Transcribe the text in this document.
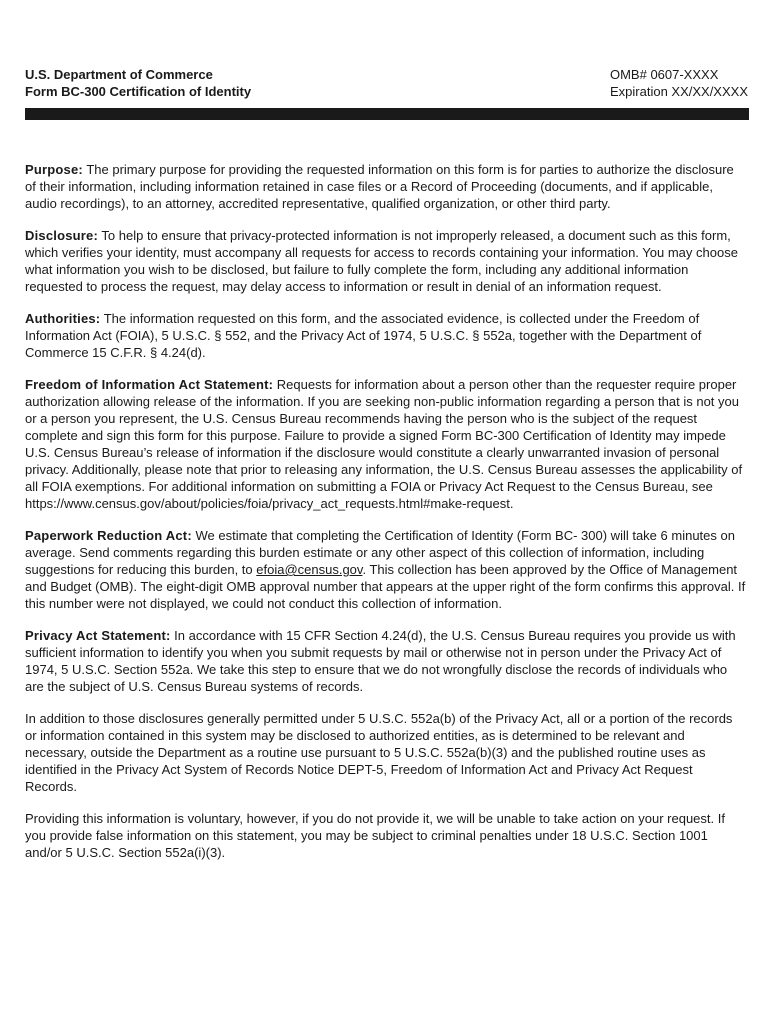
U.S. Department of Commerce
Form BC-300 Certification of Identity
OMB# 0607-XXXX
Expiration XX/XX/XXXX

Purpose: The primary purpose for providing the requested information on this form is for parties to authorize the disclosure of their information, including information retained in case files or a Record of Proceeding (documents, and if applicable, audio recordings), to an attorney, accredited representative, qualified organization, or other third party.

Disclosure: To help to ensure that privacy-protected information is not improperly released, a document such as this form, which verifies your identity, must accompany all requests for access to records containing your information. You may choose what information you wish to be disclosed, but failure to fully complete the form, including any additional information requested to process the request, may delay access to information or result in denial of an information request.

Authorities: The information requested on this form, and the associated evidence, is collected under the Freedom of Information Act (FOIA), 5 U.S.C. § 552, and the Privacy Act of 1974, 5 U.S.C. § 552a, together with the Department of Commerce 15 C.F.R. § 4.24(d).

Freedom of Information Act Statement: Requests for information about a person other than the requester require proper authorization allowing release of the information. If you are seeking non-public information regarding a person that is not you or a person you represent, the U.S. Census Bureau recommends having the person who is the subject of the request complete and sign this form for this purpose. Failure to provide a signed Form BC-300 Certification of Identity may impede U.S. Census Bureau’s release of information if the disclosure would constitute a clearly unwarranted invasion of personal privacy. Additionally, please note that prior to releasing any information, the U.S. Census Bureau assesses the applicability of all FOIA exemptions. For additional information on submitting a FOIA or Privacy Act Request to the Census Bureau, see https://www.census.gov/about/policies/foia/privacy_act_requests.html#make-request.

Paperwork Reduction Act: We estimate that completing the Certification of Identity (Form BC- 300) will take 6 minutes on average. Send comments regarding this burden estimate or any other aspect of this collection of information, including suggestions for reducing this burden, to efoia@census.gov. This collection has been approved by the Office of Management and Budget (OMB). The eight-digit OMB approval number that appears at the upper right of the form confirms this approval. If this number were not displayed, we could not conduct this collection of information.

Privacy Act Statement: In accordance with 15 CFR Section 4.24(d), the U.S. Census Bureau requires you provide us with sufficient information to identify you when you submit requests by mail or otherwise not in person under the Privacy Act of 1974, 5 U.S.C. Section 552a. We take this step to ensure that we do not wrongfully disclose the records of individuals who are the subject of U.S. Census Bureau systems of records.

In addition to those disclosures generally permitted under 5 U.S.C. 552a(b) of the Privacy Act, all or a portion of the records or information contained in this system may be disclosed to authorized entities, as is determined to be relevant and necessary, outside the Department as a routine use pursuant to 5 U.S.C. 552a(b)(3) and the published routine uses as identified in the Privacy Act System of Records Notice DEPT-5, Freedom of Information Act and Privacy Act Request Records.

Providing this information is voluntary, however, if you do not provide it, we will be unable to take action on your request. If you provide false information on this statement, you may be subject to criminal penalties under 18 U.S.C. Section 1001 and/or 5 U.S.C. Section 552a(i)(3).
